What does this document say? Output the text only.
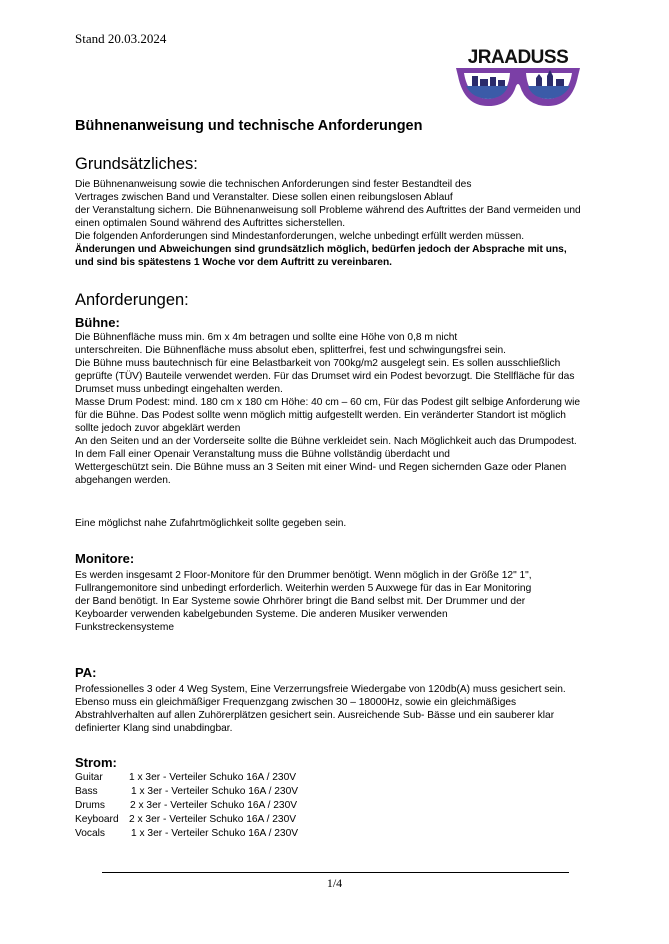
Stand 20.03.2024
JRAADUSS
Bühnenanweisung und technische Anforderungen
Grundsätzliches:
Die Bühnenanweisung sowie die technischen Anforderungen sind fester Bestandteil des
Vertrages zwischen Band und Veranstalter. Diese sollen einen reibungslosen Ablauf
der Veranstaltung sichern. Die Bühnenanweisung soll Probleme während des Auftrittes der Band vermeiden und
einen optimalen Sound während des Auftrittes sicherstellen.
Die folgenden Anforderungen sind Mindestanforderungen, welche unbedingt erfüllt werden müssen.
Änderungen und Abweichungen sind grundsätzlich möglich, bedürfen jedoch der Absprache mit uns,
und sind bis spätestens 1 Woche vor dem Auftritt zu vereinbaren.
Anforderungen:
Bühne:
Die Bühnenfläche muss min. 6m x 4m betragen und sollte eine Höhe von 0,8 m nicht
unterschreiten. Die Bühnenfläche muss absolut eben, splitterfrei, fest und schwingungsfrei sein.
Die Bühne muss bautechnisch für eine Belastbarkeit von 700kg/m2 ausgelegt sein. Es sollen ausschließlich
geprüfte (TÜV) Bauteile verwendet werden. Für das Drumset wird ein Podest bevorzugt. Die Stellfläche für das
Drumset muss unbedingt eingehalten werden.
Masse Drum Podest: mind. 180 cm x 180 cm Höhe: 40 cm – 60 cm, Für das Podest gilt selbige Anforderung wie
für die Bühne. Das Podest sollte wenn möglich mittig aufgestellt werden. Ein veränderter Standort ist möglich
sollte jedoch zuvor abgeklärt werden
An den Seiten und an der Vorderseite sollte die Bühne verkleidet sein. Nach Möglichkeit auch das Drumpodest.
In dem Fall einer Openair Veranstaltung muss die Bühne vollständig überdacht und
Wettergeschützt sein. Die Bühne muss an 3 Seiten mit einer Wind- und Regen sichernden Gaze oder Planen
abgehangen werden.
Eine möglichst nahe Zufahrtmöglichkeit sollte gegeben sein.
Monitore:
Es werden insgesamt 2 Floor-Monitore für den Drummer benötigt. Wenn möglich in der Größe 12" 1",
Fullrangemonitore sind unbedingt erforderlich. Weiterhin werden 5 Auxwege für das in Ear Monitoring
der Band benötigt. In Ear Systeme sowie Ohrhörer bringt die Band selbst mit. Der Drummer und der
Keyboarder verwenden kabelgebunden Systeme. Die anderen Musiker verwenden
Funkstreckensysteme
PA:
Professionelles 3 oder 4 Weg System, Eine Verzerrungsfreie Wiedergabe von 120db(A) muss gesichert sein.
Ebenso muss ein gleichmäßiger Frequenzgang zwischen 30 – 18000Hz, sowie ein gleichmäßiges
Abstrahlverhalten auf allen Zuhörerplätzen gesichert sein. Ausreichende Sub- Bässe und ein sauberer klar
definierter Klang sind unabdingbar.
Strom:
Guitar	1 x 3er - Verteiler Schuko 16A / 230V
Bass	1 x 3er - Verteiler Schuko 16A / 230V
Drums 2 x 3er - Verteiler Schuko 16A / 230V
Keyboard 2 x 3er - Verteiler Schuko 16A / 230V
Vocals	1 x 3er - Verteiler Schuko 16A / 230V
1/4
